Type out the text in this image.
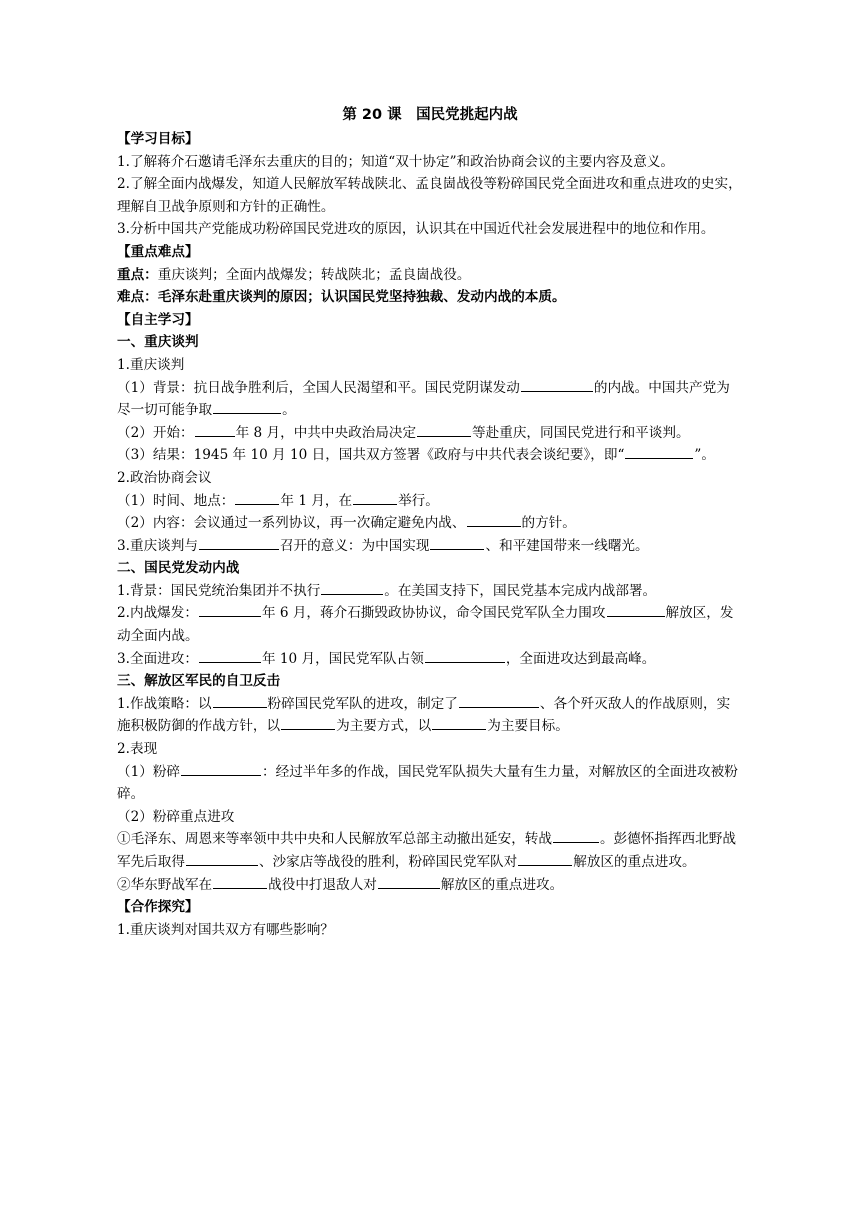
第 20 课　国民党挑起内战

【学习目标】

1.了解蒋介石邀请毛泽东去重庆的目的；知道“双十协定”和政治协商会议的主要内容及意义。

2.了解全面内战爆发，知道人民解放军转战陕北、孟良崮战役等粉碎国民党全面进攻和重点进攻的史实，理解自卫战争原则和方针的正确性。

3.分析中国共产党能成功粉碎国民党进攻的原因，认识其在中国近代社会发展进程中的地位和作用。

【重点难点】

重点：重庆谈判；全面内战爆发；转战陕北；孟良崮战役。

难点：毛泽东赴重庆谈判的原因；认识国民党坚持独裁、发动内战的本质。

【自主学习】

一、重庆谈判

1.重庆谈判

（1）背景：抗日战争胜利后，全国人民渴望和平。国民党阴谋发动	的内战。中国共产党为尽一切可能争取	。

（2）开始：	年 8 月，中共中央政治局决定	等赴重庆，同国民党进行和平谈判。

（3）结果：1945 年 10 月 10 日，国共双方签署《政府与中共代表会谈纪要》，即“	”。

2.政治协商会议

（1）时间、地点：	年 1 月，在	举行。

（2）内容：会议通过一系列协议，再一次确定避免内战、	的方针。

3.重庆谈判与	召开的意义：为中国实现	、和平建国带来一线曙光。

二、国民党发动内战

1.背景：国民党统治集团并不执行	。在美国支持下，国民党基本完成内战部署。

2.内战爆发：	年 6 月，蒋介石撕毁政协协议，命令国民党军队全力围攻	解放区，发动全面内战。

3.全面进攻：	年 10 月，国民党军队占领	，全面进攻达到最高峰。

三、解放区军民的自卫反击

1.作战策略：以	粉碎国民党军队的进攻，制定了	、各个歼灭敌人的作战原则，实施积极防御的作战方针，以	为主要方式，以	为主要目标。

2.表现

（1）粉碎	：经过半年多的作战，国民党军队损失大量有生力量，对解放区的全面进攻被粉碎。

（2）粉碎重点进攻

①毛泽东、周恩来等率领中共中央和人民解放军总部主动撤出延安，转战	。彭德怀指挥西北野战军先后取得	、沙家店等战役的胜利，粉碎国民党军队对	解放区的重点进攻。

②华东野战军在	战役中打退敌人对	解放区的重点进攻。

【合作探究】

1.重庆谈判对国共双方有哪些影响？
